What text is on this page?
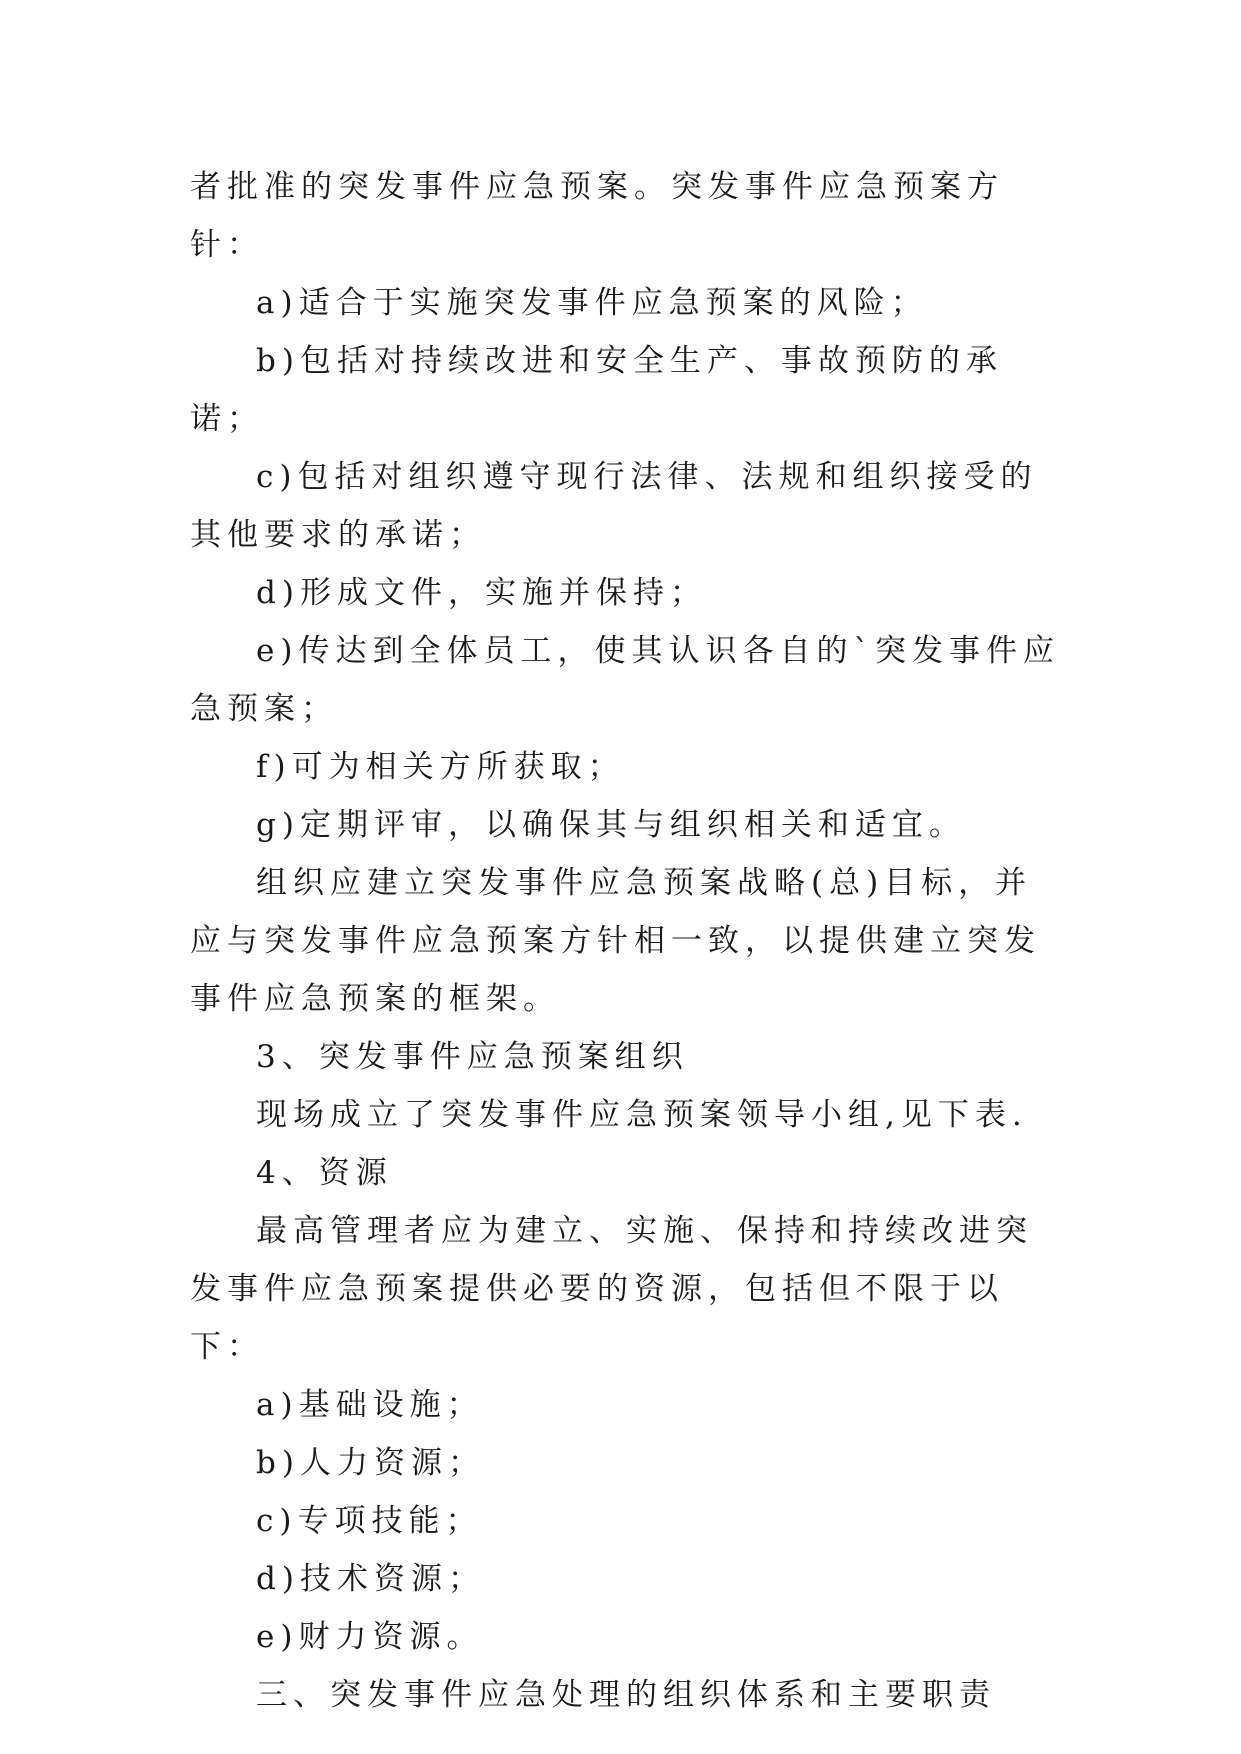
者批准的突发事件应急预案。突发事件应急预案方针：

a)适合于实施突发事件应急预案的风险；

b)包括对持续改进和安全生产、事故预防的承诺；

c)包括对组织遵守现行法律、法规和组织接受的其他要求的承诺；

d)形成文件，实施并保持；

e)传达到全体员工，使其认识各自的`突发事件应急预案；

f)可为相关方所获取；

g)定期评审，以确保其与组织相关和适宜。

组织应建立突发事件应急预案战略(总)目标，并应与突发事件应急预案方针相一致，以提供建立突发事件应急预案的框架。

3、突发事件应急预案组织

现场成立了突发事件应急预案领导小组,见下表.

4、资源

最高管理者应为建立、实施、保持和持续改进突发事件应急预案提供必要的资源，包括但不限于以下：

a)基础设施；

b)人力资源；

c)专项技能；

d)技术资源；

e)财力资源。

三、突发事件应急处理的组织体系和主要职责
